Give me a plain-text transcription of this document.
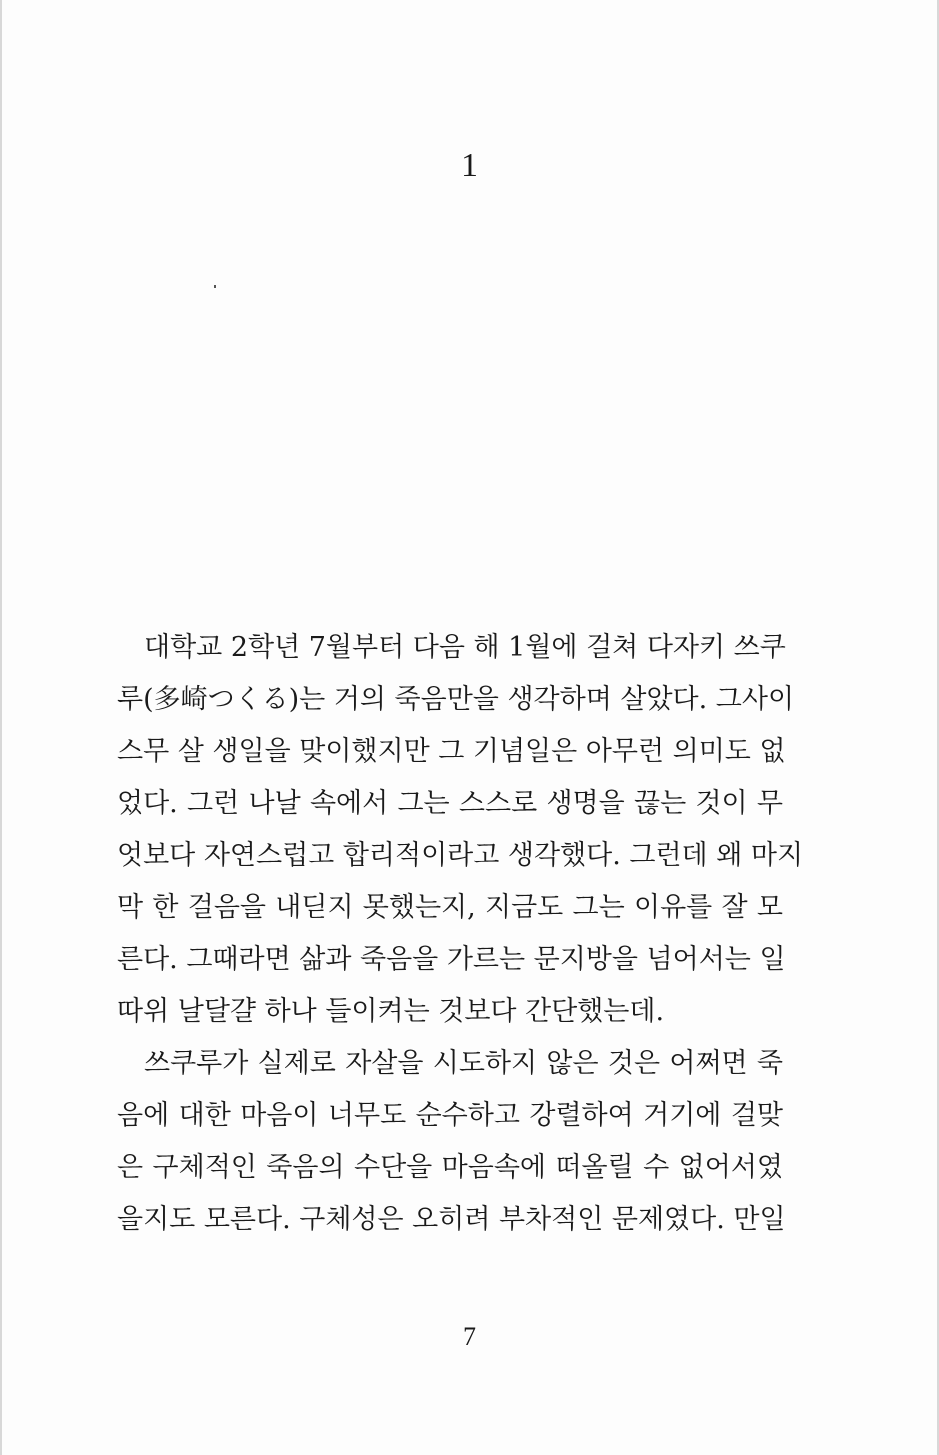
1

대학교 2학년 7월부터 다음 해 1월에 걸쳐 다자키 쓰쿠
루(多崎つくる)는 거의 죽음만을 생각하며 살았다. 그사이
스무 살 생일을 맞이했지만 그 기념일은 아무런 의미도 없
었다. 그런 나날 속에서 그는 스스로 생명을 끊는 것이 무
엇보다 자연스럽고 합리적이라고 생각했다. 그런데 왜 마지
막 한 걸음을 내딛지 못했는지, 지금도 그는 이유를 잘 모
른다. 그때라면 삶과 죽음을 가르는 문지방을 넘어서는 일
따위 날달걀 하나 들이켜는 것보다 간단했는데.

쓰쿠루가 실제로 자살을 시도하지 않은 것은 어쩌면 죽
음에 대한 마음이 너무도 순수하고 강렬하여 거기에 걸맞
은 구체적인 죽음의 수단을 마음속에 떠올릴 수 없어서였
을지도 모른다. 구체성은 오히려 부차적인 문제였다. 만일

7
